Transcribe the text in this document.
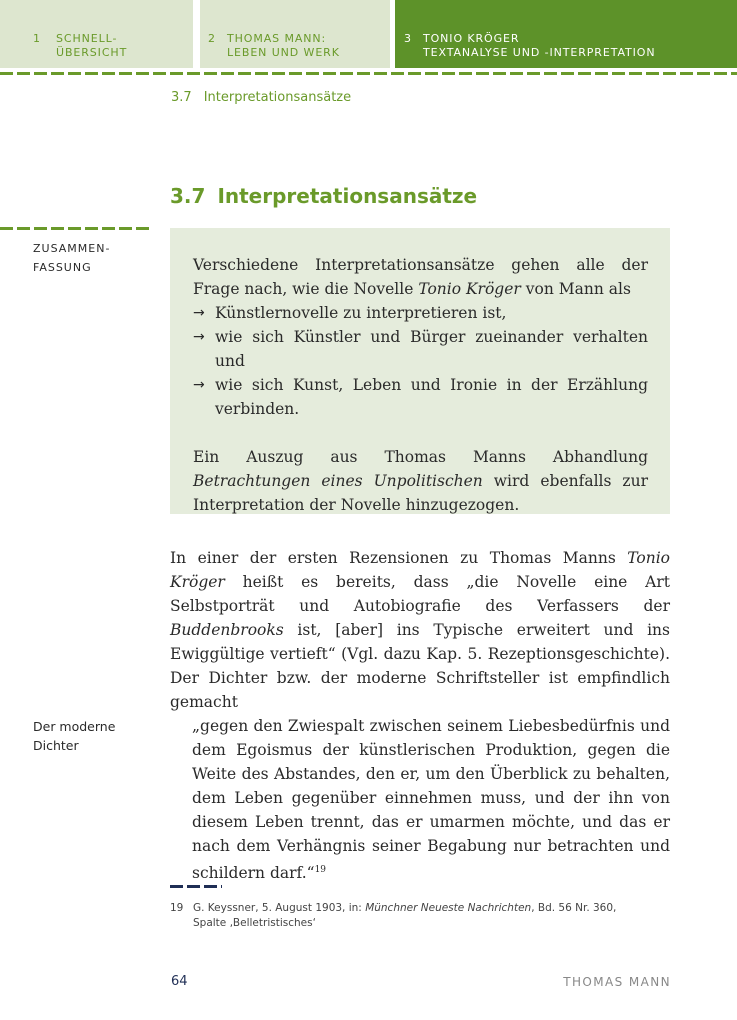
1 SCHNELL-
ÜBERSICHT
2 THOMAS MANN:
LEBEN UND WERK
3 TONIO KRÖGER
TEXTANALYSE UND -INTERPRETATION
3.7 Interpretationsansätze
3.7 Interpretationsansätze
ZUSAMMEN-
FASSUNG
Der moderne
Dichter
Verschiedene Interpretationsansätze gehen alle der Frage nach, wie die Novelle Tonio Kröger von Mann als
→ Künstlernovelle zu interpretieren ist,
→ wie sich Künstler und Bürger zueinander verhalten und
→ wie sich Kunst, Leben und Ironie in der Erzählung verbinden.
Ein Auszug aus Thomas Manns Abhandlung Betrachtungen eines Unpolitischen wird ebenfalls zur Interpretation der Novelle hinzugezogen.
In einer der ersten Rezensionen zu Thomas Manns Tonio Kröger heißt es bereits, dass „die Novelle eine Art Selbstporträt und Autobiografie des Verfassers der Buddenbrooks ist, [aber] ins Typische erweitert und ins Ewiggültige vertieft“ (Vgl. dazu Kap. 5. Rezeptionsgeschichte). Der Dichter bzw. der moderne Schriftsteller ist empfindlich gemacht
„gegen den Zwiespalt zwischen seinem Liebesbedürfnis und dem Egoismus der künstlerischen Produktion, gegen die Weite des Abstandes, den er, um den Überblick zu behalten, dem Leben gegenüber einnehmen muss, und der ihn von diesem Leben trennt, das er umarmen möchte, und das er nach dem Verhängnis seiner Begabung nur betrachten und schildern darf.“$^{19}$
19 G. Keyssner, 5. August 1903, in: Münchner Neueste Nachrichten, Bd. 56 Nr. 360,
Spalte ‚Belletristisches‘
64	THOMAS MANN
